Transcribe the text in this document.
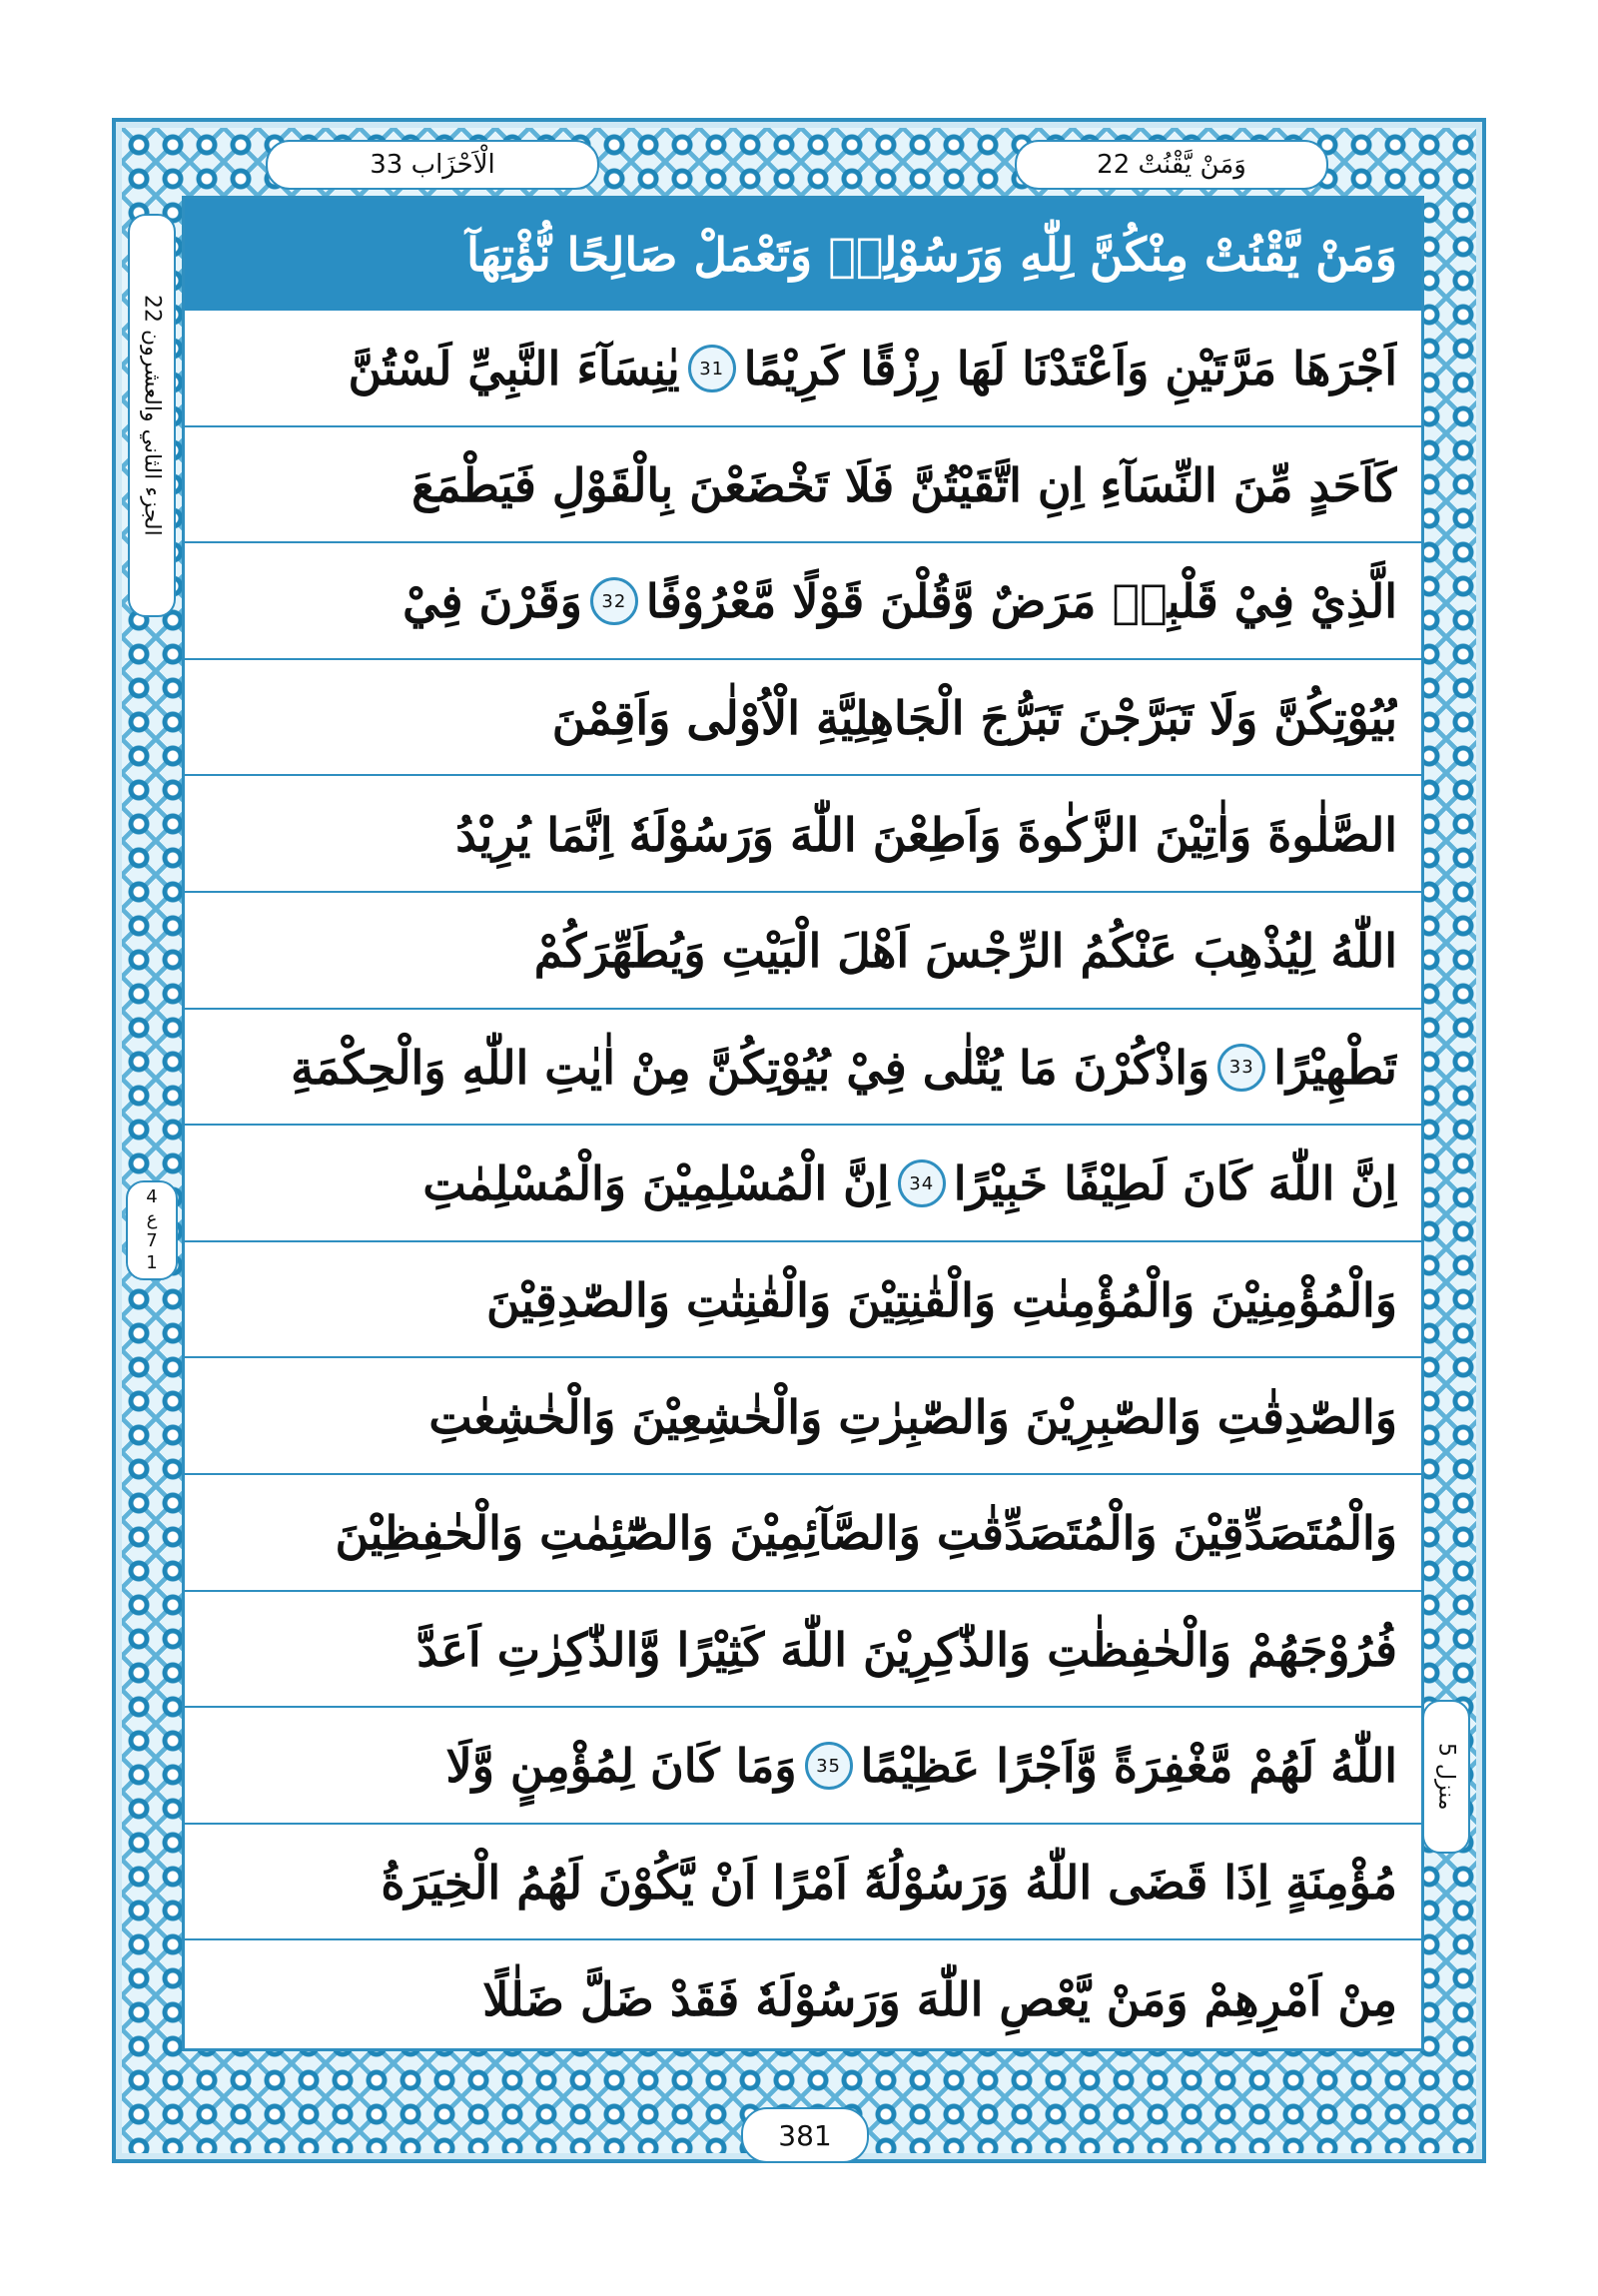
الْاَحْزَاب 33	وَمَنْ يَّقْنُتْ 22
وَمَنْ يَّقْنُتْ مِنْكُنَّ لِلّٰهِ وَرَسُوْلِهٖ وَتَعْمَلْ صَالِحًا نُّؤْتِهَآ
اَجْرَهَا مَرَّتَيْنِ وَاَعْتَدْنَا لَهَا رِزْقًا كَرِيْمًا
31
يٰنِسَآءَ النَّبِيِّ لَسْتُنَّ
كَاَحَدٍ مِّنَ النِّسَآءِ اِنِ اتَّقَيْتُنَّ فَلَا تَخْضَعْنَ بِالْقَوْلِ فَيَطْمَعَ
الَّذِيْ فِيْ قَلْبِهٖ مَرَضٌ وَّقُلْنَ قَوْلًا مَّعْرُوْفًا
32
وَقَرْنَ فِيْ
بُيُوْتِكُنَّ وَلَا تَبَرَّجْنَ تَبَرُّجَ الْجَاهِلِيَّةِ الْاُوْلٰى وَاَقِمْنَ
الصَّلٰوةَ وَاٰتِيْنَ الزَّكٰوةَ وَاَطِعْنَ اللّٰهَ وَرَسُوْلَهٗ اِنَّمَا يُرِيْدُ
اللّٰهُ لِيُذْهِبَ عَنْكُمُ الرِّجْسَ اَهْلَ الْبَيْتِ وَيُطَهِّرَكُمْ
تَطْهِيْرًا
33
وَاذْكُرْنَ مَا يُتْلٰى فِيْ بُيُوْتِكُنَّ مِنْ اٰيٰتِ اللّٰهِ وَالْحِكْمَةِ
اِنَّ اللّٰهَ كَانَ لَطِيْفًا خَبِيْرًا
34
اِنَّ الْمُسْلِمِيْنَ وَالْمُسْلِمٰتِ
وَالْمُؤْمِنِيْنَ وَالْمُؤْمِنٰتِ وَالْقٰنِتِيْنَ وَالْقٰنِتٰتِ وَالصّٰدِقِيْنَ
وَالصّٰدِقٰتِ وَالصّٰبِرِيْنَ وَالصّٰبِرٰتِ وَالْخٰشِعِيْنَ وَالْخٰشِعٰتِ
وَالْمُتَصَدِّقِيْنَ وَالْمُتَصَدِّقٰتِ وَالصَّآئِمِيْنَ وَالصّٰٓئِمٰتِ وَالْحٰفِظِيْنَ
فُرُوْجَهُمْ وَالْحٰفِظٰتِ وَالذّٰكِرِيْنَ اللّٰهَ كَثِيْرًا وَّالذّٰكِرٰتِ اَعَدَّ
اللّٰهُ لَهُمْ مَّغْفِرَةً وَّاَجْرًا عَظِيْمًا
35
وَمَا كَانَ لِمُؤْمِنٍ وَّلَا
مُؤْمِنَةٍ اِذَا قَضَى اللّٰهُ وَرَسُوْلُهٗٓ اَمْرًا اَنْ يَّكُوْنَ لَهُمُ الْخِيَرَةُ
مِنْ اَمْرِهِمْ وَمَنْ يَّعْصِ اللّٰهَ وَرَسُوْلَهٗ فَقَدْ ضَلَّ ضَلٰلًا
الجزء الثاني والعشرون 22
4
ع
7
1
منزل 5
381
